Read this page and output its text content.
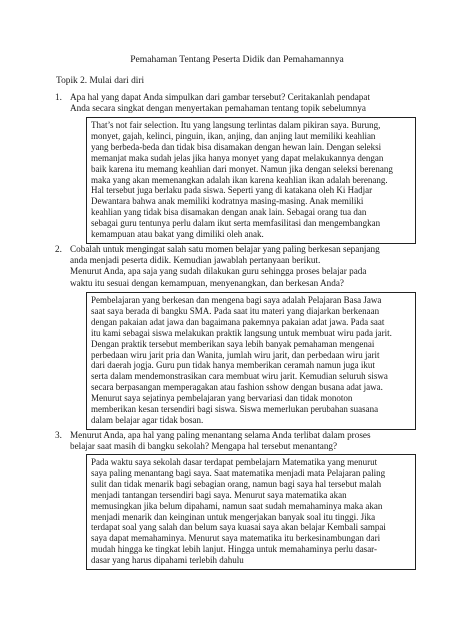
Pemahaman Tentang Peserta Didik dan Pemahamannya
Topik 2. Mulai dari diri
1. Apa hal yang dapat Anda simpulkan dari gambar tersebut? Ceritakanlah pendapat

Anda secara singkat dengan menyertakan pemahaman tentang topik sebelumnya

That’s not fair selection. Itu yang langsung terlintas dalam pikiran saya. Burung,
monyet, gajah, kelinci, pinguin, ikan, anjing, dan anjing laut memiliki keahlian
yang berbeda-beda dan tidak bisa disamakan dengan hewan lain. Dengan seleksi
memanjat maka sudah jelas jika hanya monyet yang dapat melakukannya dengan
baik karena itu memang keahlian dari monyet. Namun jika dengan seleksi berenang
maka yang akan memenangkan adalah ikan karena keahlian ikan adalah berenang.
Hal tersebut juga berlaku pada siswa. Seperti yang di katakana oleh Ki Hadjar
Dewantara bahwa anak memiliki kodratnya masing-masing. Anak memiliki
keahlian yang tidak bisa disamakan dengan anak lain. Sebagai orang tua dan
sebagai guru tentunya perlu dalam ikut serta memfasilitasi dan mengembangkan
kemampuan atau bakat yang dimiliki oleh anak.
2. Cobalah untuk mengingat salah satu momen belajar yang paling berkesan sepanjang

anda menjadi peserta didik. Kemudian jawablah pertanyaan berikut.

Menurut Anda, apa saja yang sudah dilakukan guru sehingga proses belajar pada

waktu itu sesuai dengan kemampuan, menyenangkan, dan berkesan Anda?

Pembelajaran yang berkesan dan mengena bagi saya adalah Pelajaran Basa Jawa
saat saya berada di bangku SMA. Pada saat itu materi yang diajarkan berkenaan
dengan pakaian adat jawa dan bagaimana pakemnya pakaian adat jawa. Pada saat
itu kami sebagai siswa melakukan praktik langsung untuk membuat wiru pada jarit.
Dengan praktik tersebut memberikan saya lebih banyak pemahaman mengenai
perbedaan wiru jarit pria dan Wanita, jumlah wiru jarit, dan perbedaan wiru jarit
dari daerah jogja. Guru pun tidak hanya memberikan ceramah namun juga ikut
serta dalam mendemonstrasikan cara membuat wiru jarit. Kemudian seluruh siswa
secara berpasangan memperagakan atau fashion sshow dengan busana adat jawa.
Menurut saya sejatinya pembelajaran yang bervariasi dan tidak monoton
memberikan kesan tersendiri bagi siswa. Siswa memerlukan perubahan suasana
dalam belajar agar tidak bosan.
3. Menurut Anda, apa hal yang paling menantang selama Anda terlibat dalam proses

belajar saat masih di bangku sekolah? Mengapa hal tersebut menantang?

Pada waktu saya sekolah dasar terdapat pembelajarn Matematika yang menurut
saya paling menantang bagi saya. Saat matematika menjadi mata Pelajaran paling
sulit dan tidak menarik bagi sebagian orang, namun bagi saya hal tersebut malah
menjadi tantangan tersendiri bagi saya. Menurut saya matematika akan
memusingkan jika belum dipahami, namun saat sudah memahaminya maka akan
menjadi menarik dan keinginan untuk mengerjakan banyak soal itu tinggi. Jika
terdapat soal yang salah dan belum saya kuasai saya akan belajar Kembali sampai
saya dapat memahaminya. Menurut saya matematika itu berkesinambungan dari
mudah hingga ke tingkat lebih lanjut. Hingga untuk memahaminya perlu dasar-
dasar yang harus dipahami terlebih dahulu
